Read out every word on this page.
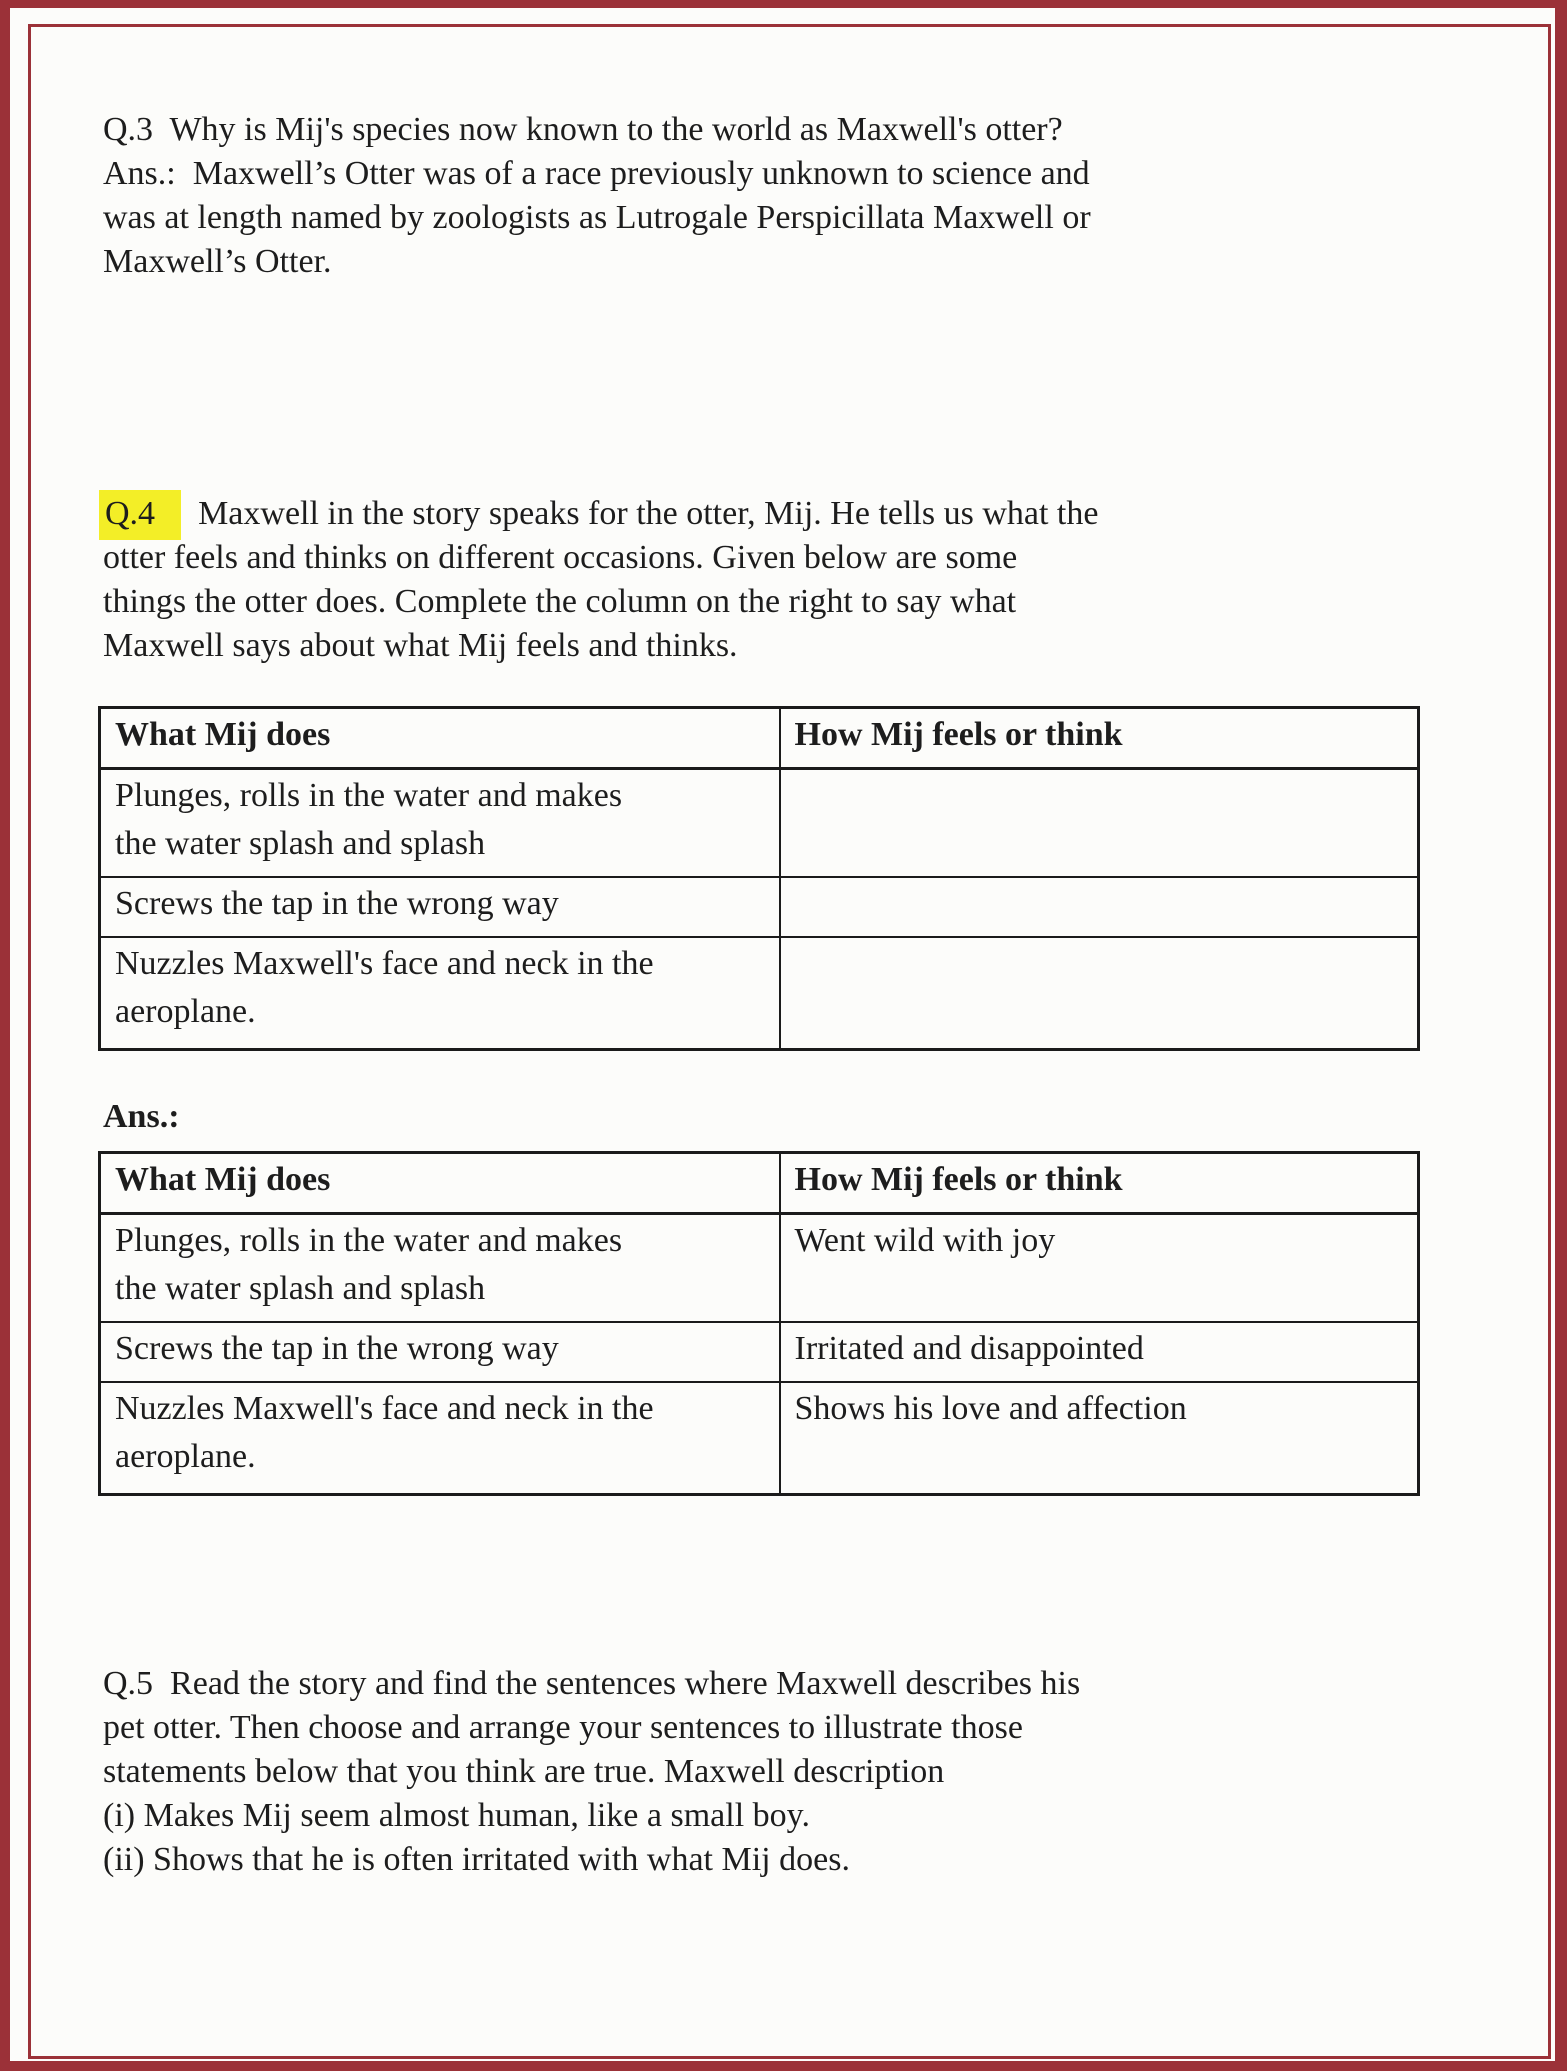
Q.3  Why is Mij's species now known to the world as Maxwell's otter?
Ans.:  Maxwell’s Otter was of a race previously unknown to science and
was at length named by zoologists as Lutrogale Perspicillata Maxwell or
Maxwell’s Otter.
Q.4  Maxwell in the story speaks for the otter, Mij. He tells us what the
otter feels and thinks on different occasions. Given below are some
things the otter does. Complete the column on the right to say what
Maxwell says about what Mij feels and thinks.
What Mij does	How Mij feels or think
Plunges, rolls in the water and makes the water splash and splash	
Screws the tap in the wrong way	
Nuzzles Maxwell's face and neck in the aeroplane.	
Ans.:
What Mij does	How Mij feels or think
Plunges, rolls in the water and makes the water splash and splash	Went wild with joy
Screws the tap in the wrong way	Irritated and disappointed
Nuzzles Maxwell's face and neck in the aeroplane.	Shows his love and affection
Q.5  Read the story and find the sentences where Maxwell describes his
pet otter. Then choose and arrange your sentences to illustrate those
statements below that you think are true. Maxwell description
(i) Makes Mij seem almost human, like a small boy.
(ii) Shows that he is often irritated with what Mij does.
